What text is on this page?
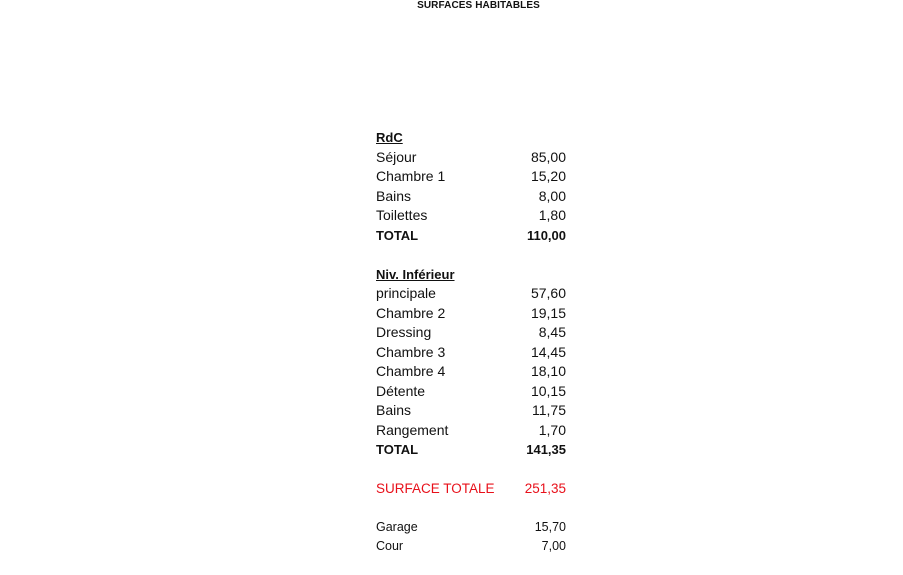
SURFACES HABITABLES
RdC
Séjour	85,00
Chambre 1	15,20
Bains	8,00
Toilettes	1,80
TOTAL	110,00
Niv. Inférieur
principale	57,60
Chambre 2	19,15
Dressing	8,45
Chambre 3	14,45
Chambre 4	18,10
Détente	10,15
Bains	11,75
Rangement	1,70
TOTAL	141,35
SURFACE TOTALE 251,35
Garage	15,70
Cour	7,00
